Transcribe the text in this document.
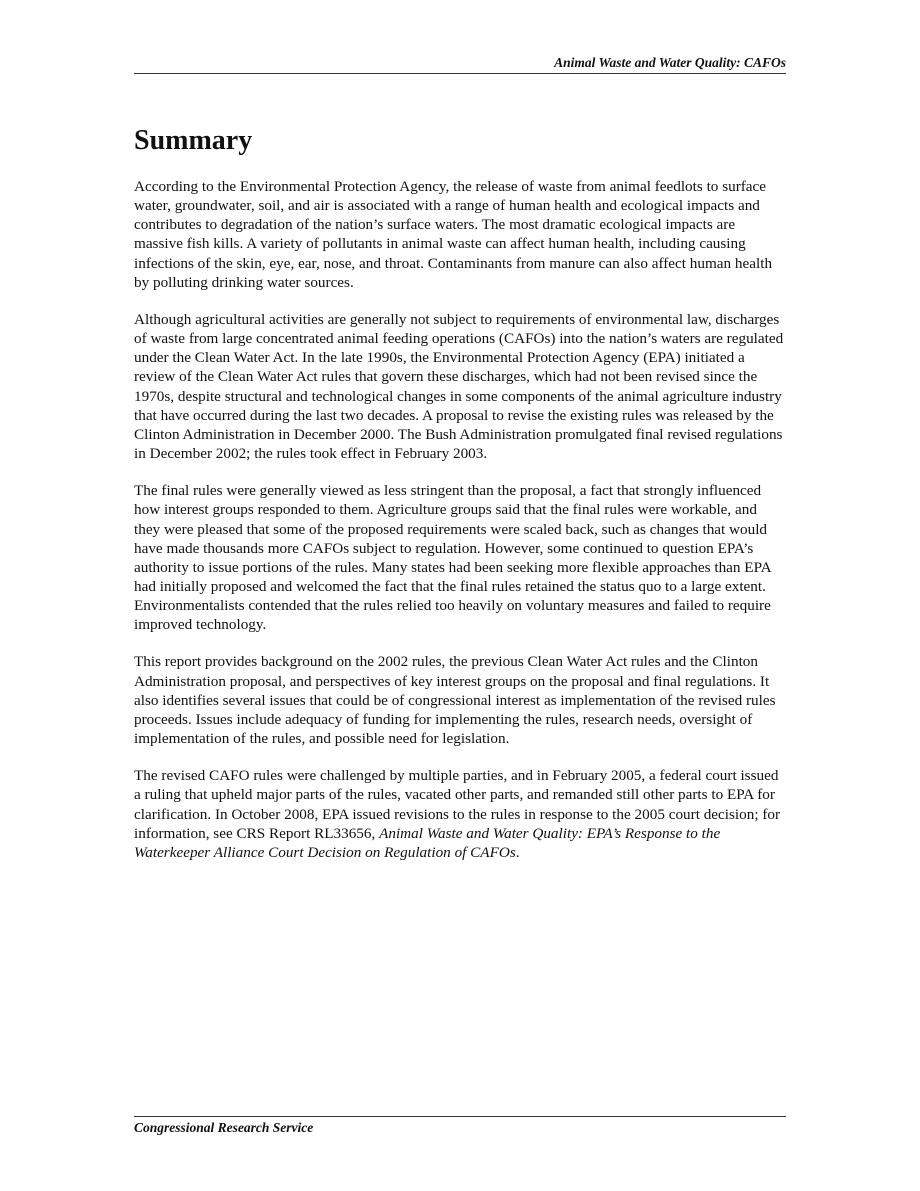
Animal Waste and Water Quality: CAFOs
Summary

According to the Environmental Protection Agency, the release of waste from animal feedlots to surface water, groundwater, soil, and air is associated with a range of human health and ecological impacts and contributes to degradation of the nation’s surface waters. The most dramatic ecological impacts are massive fish kills. A variety of pollutants in animal waste can affect human health, including causing infections of the skin, eye, ear, nose, and throat. Contaminants from manure can also affect human health by polluting drinking water sources.

Although agricultural activities are generally not subject to requirements of environmental law, discharges of waste from large concentrated animal feeding operations (CAFOs) into the nation’s waters are regulated under the Clean Water Act. In the late 1990s, the Environmental Protection Agency (EPA) initiated a review of the Clean Water Act rules that govern these discharges, which had not been revised since the 1970s, despite structural and technological changes in some components of the animal agriculture industry that have occurred during the last two decades. A proposal to revise the existing rules was released by the Clinton Administration in December 2000. The Bush Administration promulgated final revised regulations in December 2002; the rules took effect in February 2003.

The final rules were generally viewed as less stringent than the proposal, a fact that strongly influenced how interest groups responded to them. Agriculture groups said that the final rules were workable, and they were pleased that some of the proposed requirements were scaled back, such as changes that would have made thousands more CAFOs subject to regulation. However, some continued to question EPA’s authority to issue portions of the rules. Many states had been seeking more flexible approaches than EPA had initially proposed and welcomed the fact that the final rules retained the status quo to a large extent. Environmentalists contended that the rules relied too heavily on voluntary measures and failed to require improved technology.

This report provides background on the 2002 rules, the previous Clean Water Act rules and the Clinton Administration proposal, and perspectives of key interest groups on the proposal and final regulations. It also identifies several issues that could be of congressional interest as implementation of the revised rules proceeds. Issues include adequacy of funding for implementing the rules, research needs, oversight of implementation of the rules, and possible need for legislation.

The revised CAFO rules were challenged by multiple parties, and in February 2005, a federal court issued a ruling that upheld major parts of the rules, vacated other parts, and remanded still other parts to EPA for clarification. In October 2008, EPA issued revisions to the rules in response to the 2005 court decision; for information, see CRS Report RL33656, Animal Waste and Water Quality: EPA’s Response to the Waterkeeper Alliance Court Decision on Regulation of CAFOs.

Congressional Research Service
